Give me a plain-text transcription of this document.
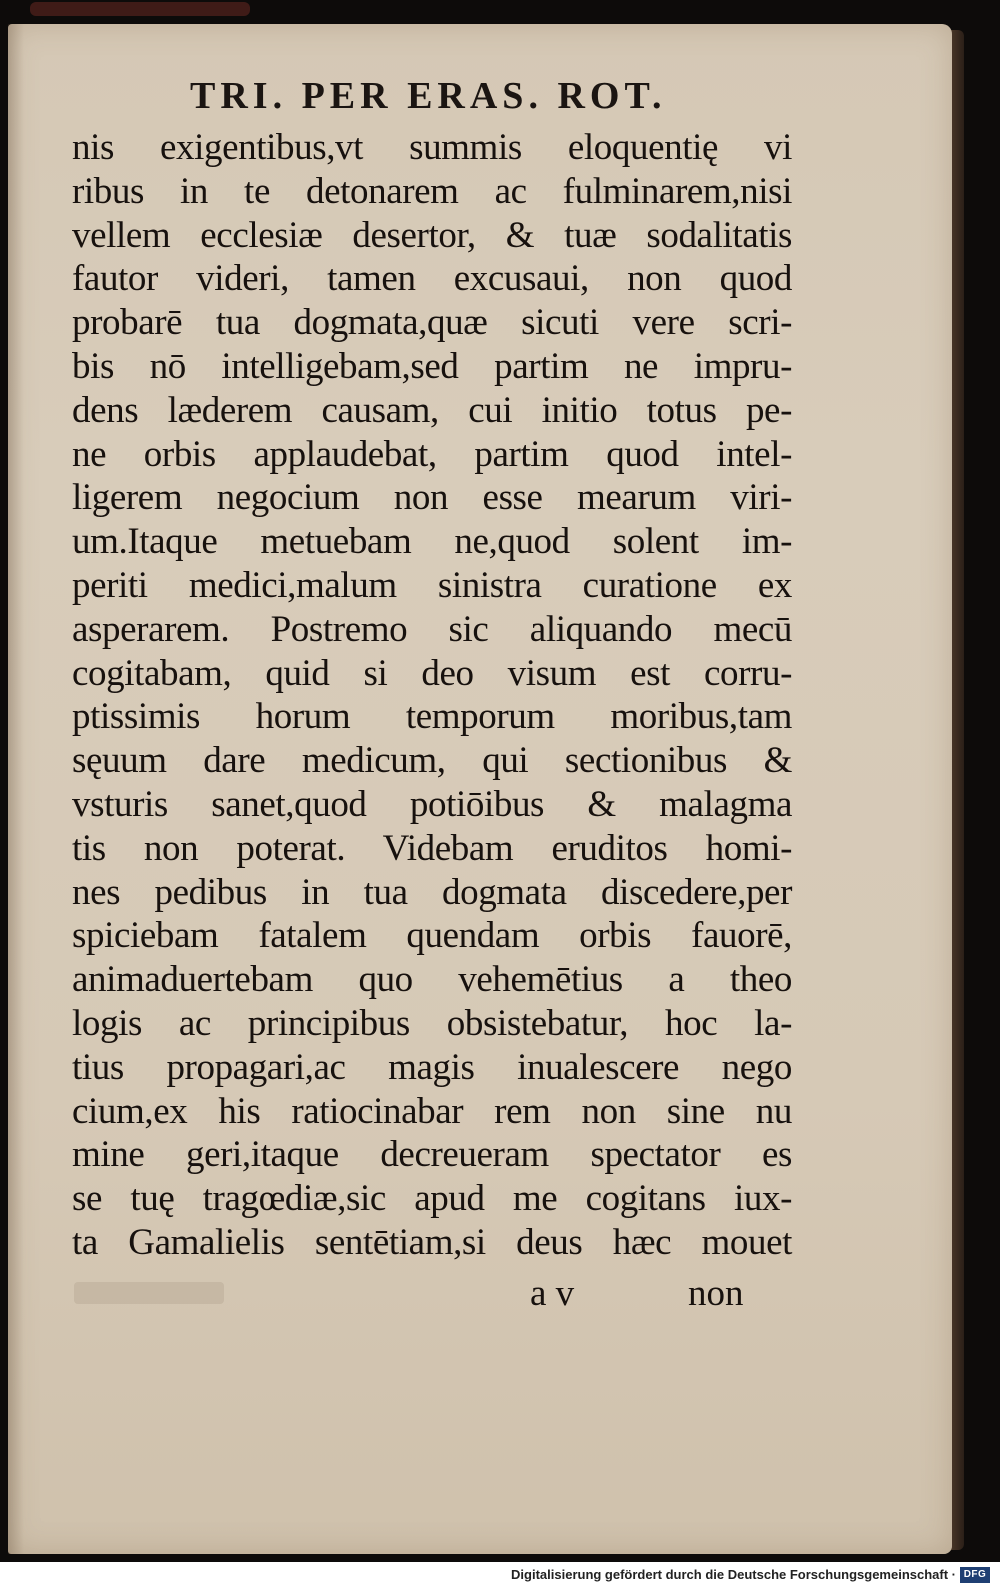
TRI. PER ERAS. ROT.
nis exigentibus,vt summis eloquentię vi
ribus in te detonarem ac fulminarem,nisi
vellem ecclesiæ desertor, & tuæ sodalitatis
fautor videri, tamen excusaui, non quod
probarē tua dogmata,quæ sicuti vere scri-
bis nō intelligebam,sed partim ne impru-
dens læderem causam, cui initio totus pe-
ne orbis applaudebat, partim quod intel-
ligerem negocium non esse mearum viri-
um.Itaque metuebam ne,quod solent im-
periti medici,malum sinistra curatione ex
asperarem. Postremo sic aliquando mecū
cogitabam, quid si deo visum est corru-
ptissimis horum temporum moribus,tam
sęuum dare medicum, qui sectionibus &
vsturis sanet,quod potiōibus & malagma
tis non poterat. Videbam eruditos homi-
nes pedibus in tua dogmata discedere,per
spiciebam fatalem quendam orbis fauorē,
animaduertebam quo vehemētius a theo
logis ac principibus obsistebatur, hoc la-
tius propagari,ac magis inualescere nego
cium,ex his ratiocinabar rem non sine nu
mine geri,itaque decreueram spectator es
se tuę tragœdiæ,sic apud me cogitans iux-
ta Gamalielis sentētiam,si deus hæc mouet
a v	non
Digitalisierung gefördert durch die Deutsche Forschungsgemeinschaft · DFG
